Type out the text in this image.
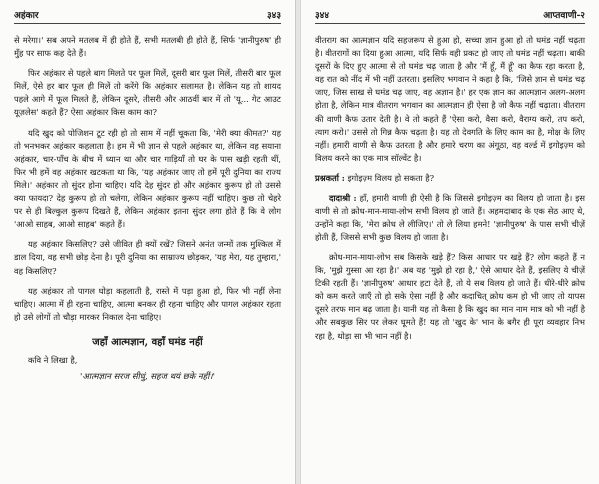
अहंकार	३४३

से मरेगा।' सब अपने मतलब में ही होते हैं, सभी मतलबी ही होते हैं, सिर्फ 'ज्ञानीपुरुष' ही मुँह पर साफ कह देते हैं।

फिर अहंकार से पहले बाग मिलते पर फूल मिलें, दूसरी बार फूल मिलें, तीसरी बार फूल मिलें, ऐसे हर बार फूल ही मिलें तो करेंगे कि अहंकार सलामत है। लेकिन यह तो शायद पहले आगे में फूल मिलते हैं, लेकिन दूसरे, तीसरी और आठवीं बार में तो 'यू... गेट आउट यूज़लेस' कहते हैं? ऐसा अहंकार किस काम का?

यदि खुद को पोजिशन टूट रही हो तो साम में नहीं चूकता कि, 'मेरी क्या कीमत?' यह तो भनभकर अहंकार कहलाता है। हम में भी ज्ञान से पहले अहंकार था, लेकिन वह सयाना अहंकार, चार-पाँच के बीच में ध्यान था और चार गाड़ियाँ तो घर के पास खड़ी रहती थीं, फिर भी हमें वह अहंकार खटकता था कि, 'यह अहंकार जाए तो हमें पूरी दुनिया का राज्य मिले।' अहंकार तो सुंदर होना चाहिए। यदि देह सुंदर हो और अहंकार कुरूप हो तो उससे क्या फायदा? देह कुरूप हो तो चलेगा, लेकिन अहंकार कुरूप नहीं चाहिए। कुछ तो चेहरे पर से ही बिल्कुल कुरूप दिखते हैं, लेकिन अहंकार इतना सुंदर लगा होते हैं कि वे लोग 'आओ साहब, आओ साहब' कहते हैं।

यह अहंकार किसलिए? उसे जीवित ही क्यों रखें? जिसने अनंत जन्मों तक मुश्किल में डाल दिया, वह सभी छोड़ देना है। पूरी दुनिया का साम्राज्य छोड़कर, 'यह मेरा, यह तुम्हारा,' वह किसलिए?

यह अहंकार तो पागल घोड़ा कहलाती है, रास्ते में पड़ा हुआ हो, फिर भी नहीं लेना चाहिए। आत्मा में ही रहना चाहिए, आत्मा बनकर ही रहना चाहिए और पागल अहंकार रहता हो उसे लोगों तो चौड़ा मारकर निकाल देना चाहिए।

जहाँ आत्मज्ञान, वहाँ घमंड नहीं
कवि ने लिखा है,
'आत्मज्ञान सरज सीधुं, सहज थयं छके नहीं।'
३४४	आप्तवाणी-२

वीतराग का आत्मज्ञान यदि सहजरूप से हुआ हो, सच्चा ज्ञान हुआ हो तो घमंड नहीं चढ़ता है। वीतरागों का दिया हुआ आत्मा, यदि सिर्फ वही प्रकट हो जाए तो घमंड नहीं चढ़ता। बाकी दूसरों के दिए हुए आत्मा से तो घमंड चढ़ जाता है और 'मैं हूँ, मैं हूँ' का कैफ रहा करता है, वह रात को नींद में भी नहीं उतरता। इसलिए भगवान ने कहा है कि, 'जिसे ज्ञान से घमंड चढ़ जाए, जिस साख से घमंड चढ़ जाए, वह अज्ञान है।' हर एक ज्ञान का आत्मज्ञान अलग-अलग होता है, लेकिन मात्र वीतराग भगवान का आत्मज्ञान ही ऐसा है जो कैफ नहीं चढ़ाता। वीतराग की वाणी कैफ उतार देती है। वे तो कहते हैं 'ऐसा करो, वैसा करो, वैराग्य करो, तप करो, त्याग करो।' उससे तो गिन्न कैफ चढ़ता है। यह तो देवगति के लिए काम का है, मोक्ष के लिए नहीं। हमारी वाणी से कैफ उतरता है और हमारे चरण का अंगूठा, वह वर्ल्ड में इगोइज़्म को विलय करने का एक मात्र सॉल्वेंट है।

प्रश्नकर्ता : इगोइज़्म विलय हो सकता है?

दादाश्री : हाँ, हमारी वाणी ही ऐसी है कि जिससे इगोइज़्म का विलय हो जाता है। इस वाणी से तो क्रोध-मान-माया-लोभ सभी विलय हो जाते हैं। अहमदाबाद के एक सेठ आए थे, उन्होंने कहा कि, 'मेरा क्रोध ले लीजिए।' तो ले लिया हमने! 'ज्ञानीपुरुष' के पास सभी चीज़ें होती हैं, जिससे सभी कुछ विलय हो जाता है।

क्रोध-मान-माया-लोभ सब किसके खड़े हैं? किस आधार पर खड़े हैं? लोग कहते हैं न कि, 'मुझे गुस्सा आ रहा है।' अब यह 'मुझे हो रहा है,' ऐसे आधार देते हैं, इसलिए ये चीज़ें टिकी रहती हैं। 'ज्ञानीपुरुष' आधार हटा देते हैं, तो ये सब विलय हो जाते हैं। धीरे-धीरे क्रोध को कम करते जाएँ तो हो सके ऐसा नहीं है और कदाचित् क्रोध कम हो भी जाए तो यापस दूसरे तरफ मान बढ़ जाता है। यानी यह तो कैसा है कि खुद का मान नाम मात्र को भी नहीं है और सबकुछ सिर पर लेकर घूमते हैं! यह तो 'खुद के' भान के बगैर ही पूरा व्यवहार निभ रहा है, थोड़ा सा भी भान नहीं है।
